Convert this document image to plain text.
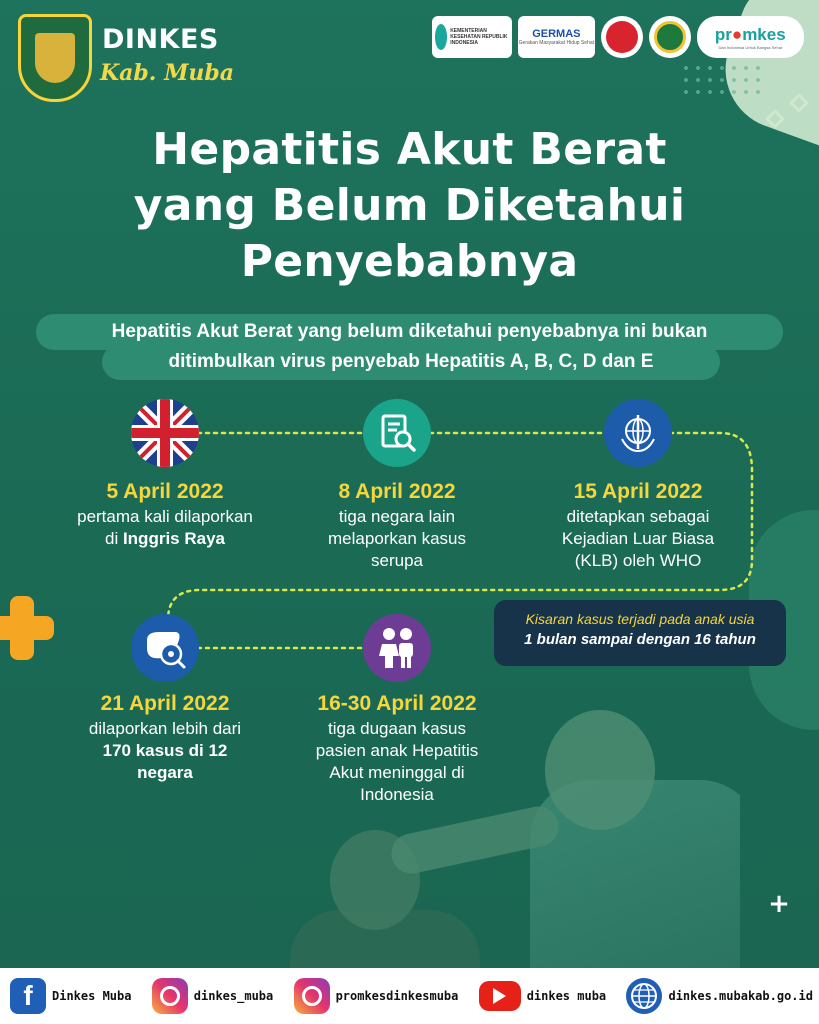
+
DINKES
Kab. Muba
KEMENTERIAN KESEHATAN REPUBLIK INDONESIA
GERMAS
Gerakan Masyarakat Hidup Sehat	pr●mkes
Dari Indonesia Untuk Bangsa Sehat
Hepatitis Akut Berat
yang Belum Diketahui
Penyebabnya
Hepatitis Akut Berat yang belum diketahui penyebabnya ini bukan
ditimbulkan virus penyebab Hepatitis A, B, C, D dan E
5 April 2022
pertama kali dilaporkan
di Inggris Raya
8 April 2022
tiga negara lain
melaporkan kasus
serupa
15 April 2022
ditetapkan sebagai
Kejadian Luar Biasa
(KLB) oleh WHO
21 April 2022
dilaporkan lebih dari
170 kasus di 12
negara
16-30 April 2022
tiga dugaan kasus
pasien anak Hepatitis
Akut meninggal di
Indonesia
Kisaran kasus terjadi pada anak usia
1 bulan sampai dengan 16 tahun
f	Dinkes Muba	dinkes_muba	promkesdinkesmuba	dinkes muba	dinkes.mubakab.go.id
